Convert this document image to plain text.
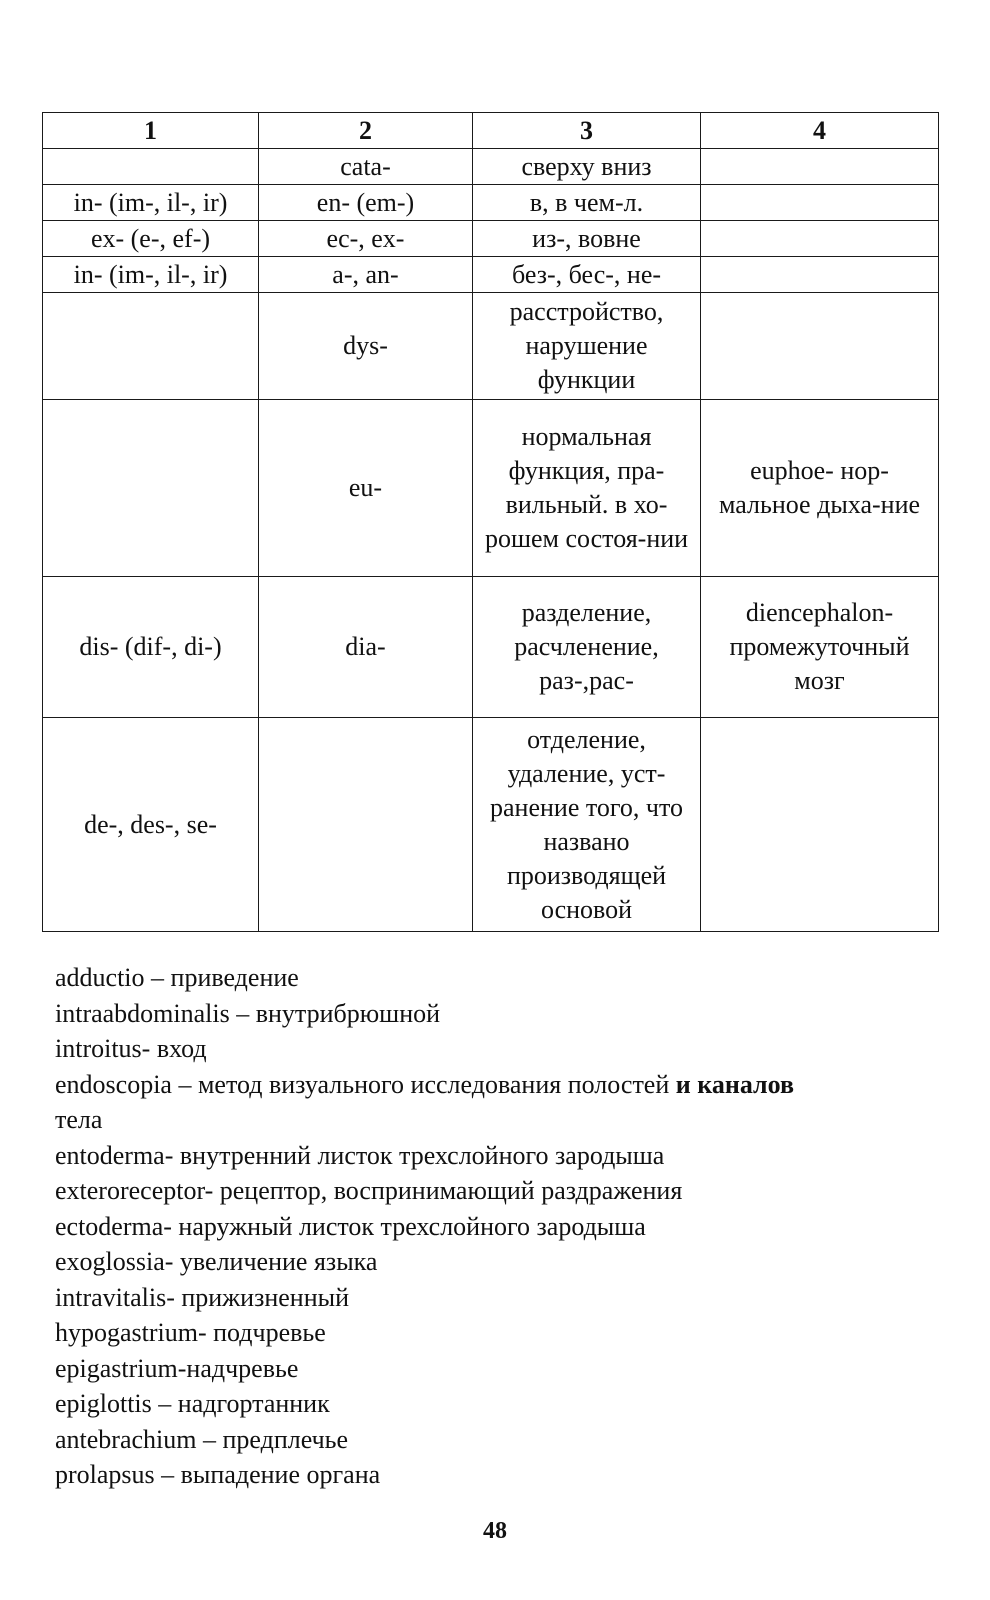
1	2	3	4
	cata-	сверху вниз	
in- (im-, il-, ir)	en- (em-)	в, в чем-л.	
ex- (e-, ef-)	ec-, ex-	из-, вовне	
in- (im-, il-, ir)	a-, an-	без-, бес-, не-	
	dys-	расстройство, нарушение функции	
	eu-	нормальная функция, пра-вильный. в хо-рошем состоя-нии	euphoe- нор-мальное дыха-ние
dis- (dif-, di-)	dia-	разделение, расчленение, раз-,рас-	diencephalon-промежуточный мозг
de-, des-, se-		отделение, удаление, уст-ранение того, что названо производящей основой	
adductio – приведение
intraabdominalis – внутрибрюшной
introitus- вход
endoscopia – метод визуального исследования полостей и каналов
тела
entoderma- внутренний листок трехслойного зародыша
exteroreceptor- рецептор, воспринимающий раздражения
ectoderma- наружный листок трехслойного зародыша
exoglossia- увеличение языка
intravitalis- прижизненный
hypogastrium- подчревье
epigastrium-надчревье
epiglottis – надгортанник
antebrachium – предплечье
prolapsus – выпадение органа
48
